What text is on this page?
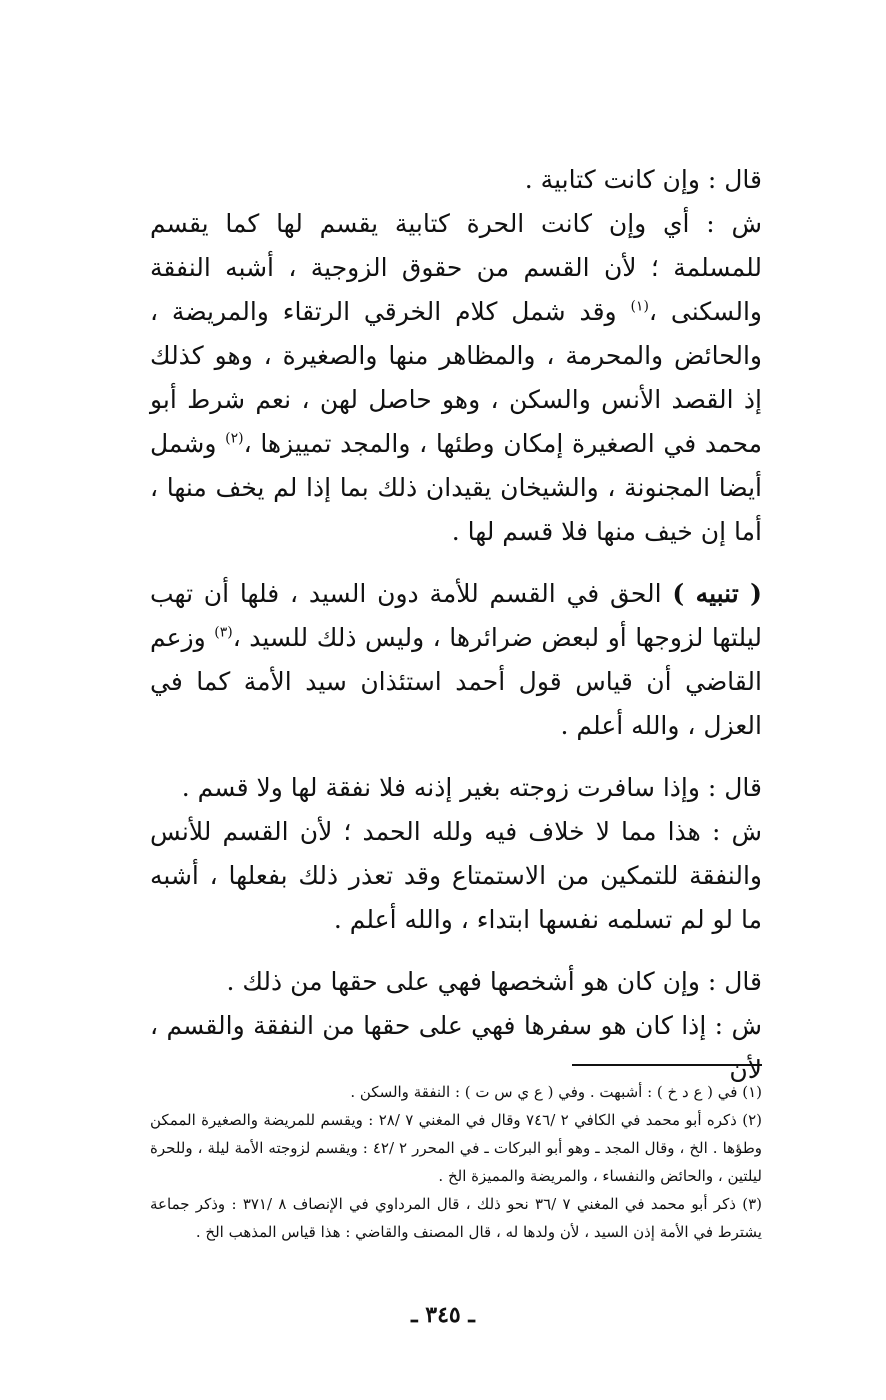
قال : وإن كانت كتابية .

ش : أي وإن كانت الحرة كتابية يقسم لها كما يقسم للمسلمة ؛ لأن القسم من حقوق الزوجية ، أشبه النفقة والسكنى ،$^{(١)}$ وقد شمل كلام الخرقي الرتقاء والمريضة ، والحائض والمحرمة ، والمظاهر منها والصغيرة ، وهو كذلك إذ القصد الأنس والسكن ، وهو حاصل لهن ، نعم شرط أبو محمد في الصغيرة إمكان وطئها ، والمجد تمييزها ،$^{(٢)}$ وشمل أيضا المجنونة ، والشيخان يقيدان ذلك بما إذا لم يخف منها ، أما إن خيف منها فلا قسم لها .

( تنبيه ) الحق في القسم للأمة دون السيد ، فلها أن تهب ليلتها لزوجها أو لبعض ضرائرها ، وليس ذلك للسيد ،$^{(٣)}$ وزعم القاضي أن قياس قول أحمد استئذان سيد الأمة كما في العزل ، والله أعلم .

قال : وإذا سافرت زوجته بغير إذنه فلا نفقة لها ولا قسم .

ش : هذا مما لا خلاف فيه ولله الحمد ؛ لأن القسم للأنس والنفقة للتمكين من الاستمتاع وقد تعذر ذلك بفعلها ، أشبه ما لو لم تسلمه نفسها ابتداء ، والله أعلم .

قال : وإن كان هو أشخصها فهي على حقها من ذلك .

ش : إذا كان هو سفرها فهي على حقها من النفقة والقسم ، لأن

(١) في ( ع د خ ) : أشبهت . وفي ( ع ي س ت ) : النفقة والسكن .

(٢) ذكره أبو محمد في الكافي ٢ /٧٤٦ وقال في المغني ٧ /٢٨ : ويقسم للمريضة والصغيرة الممكن وطؤها . الخ ، وقال المجد ـ وهو أبو البركات ـ في المحرر ٢ /٤٢ : ويقسم لزوجته الأمة ليلة ، وللحرة ليلتين ، والحائض والنفساء ، والمريضة والمميزة الخ .

(٣) ذكر أبو محمد في المغني ٧ /٣٦ نحو ذلك ، قال المرداوي في الإنصاف ٨ /٣٧١ : وذكر جماعة يشترط في الأمة إذن السيد ، لأن ولدها له ، قال المصنف والقاضي : هذا قياس المذهب الخ .

ـ ٣٤٥ ـ
